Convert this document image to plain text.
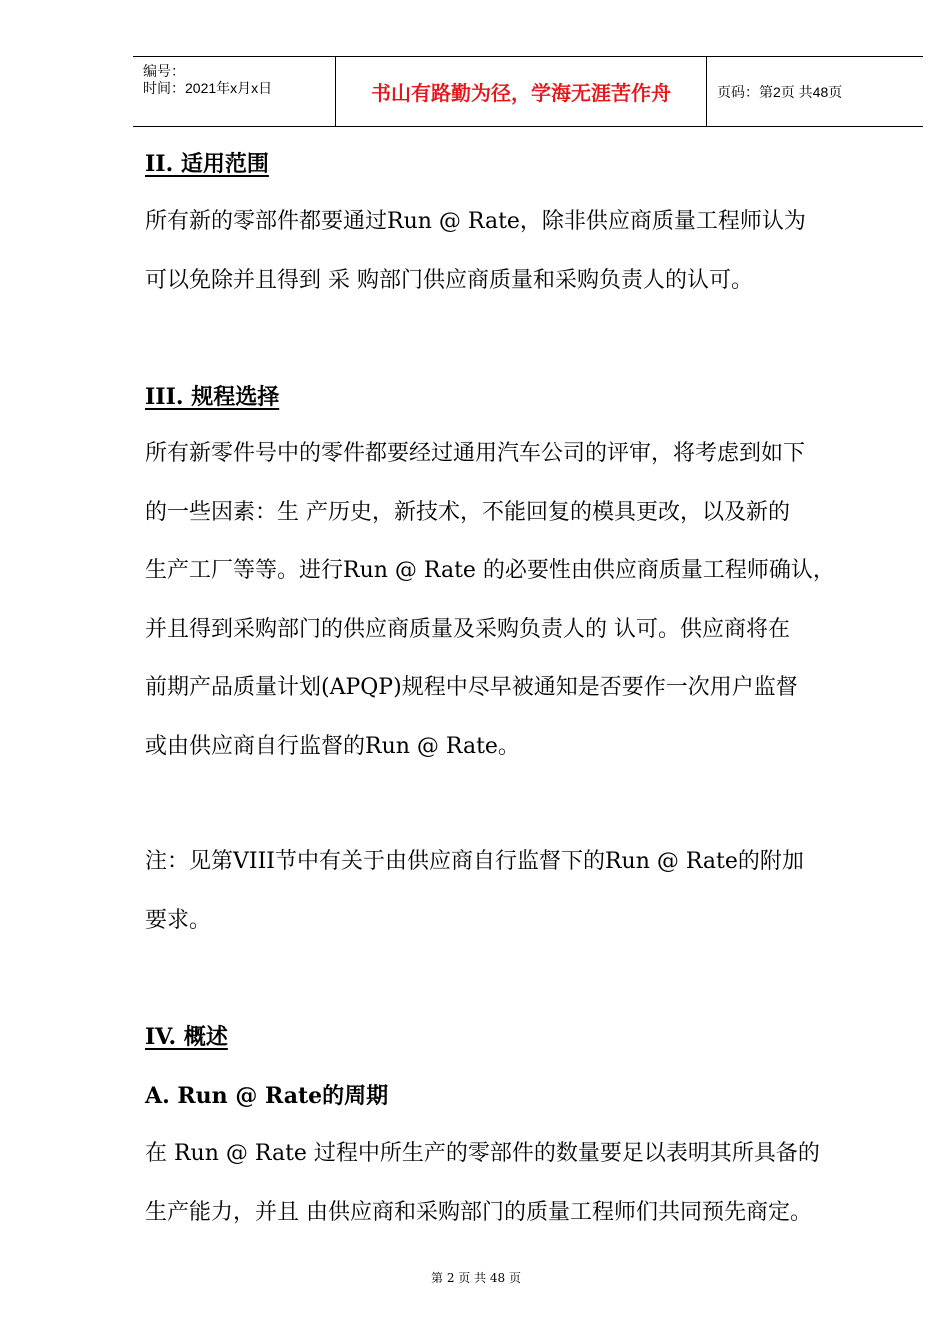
编号：
时间：2021年x月x日	书山有路勤为径，学海无涯苦作舟	页码：第2页 共48页
II. 适用范围
所有新的零部件都要通过Run @ Rate，除非供应商质量工程师认为
可以免除并且得到 采 购部门供应商质量和采购负责人的认可。
III. 规程选择
所有新零件号中的零件都要经过通用汽车公司的评审，将考虑到如下
的一些因素：生 产历史，新技术，不能回复的模具更改，以及新的
生产工厂等等。进行Run @ Rate 的必要性由供应商质量工程师确认，
并且得到采购部门的供应商质量及采购负责人的 认可。供应商将在
前期产品质量计划(APQP)规程中尽早被通知是否要作一次用户监督
或由供应商自行监督的Run @ Rate。
注：见第VIII节中有关于由供应商自行监督下的Run @ Rate的附加
要求。
IV. 概述
A. Run @ Rate的周期
在 Run @ Rate 过程中所生产的零部件的数量要足以表明其所具备的
生产能力，并且 由供应商和采购部门的质量工程师们共同预先商定。
第 2 页 共 48 页
